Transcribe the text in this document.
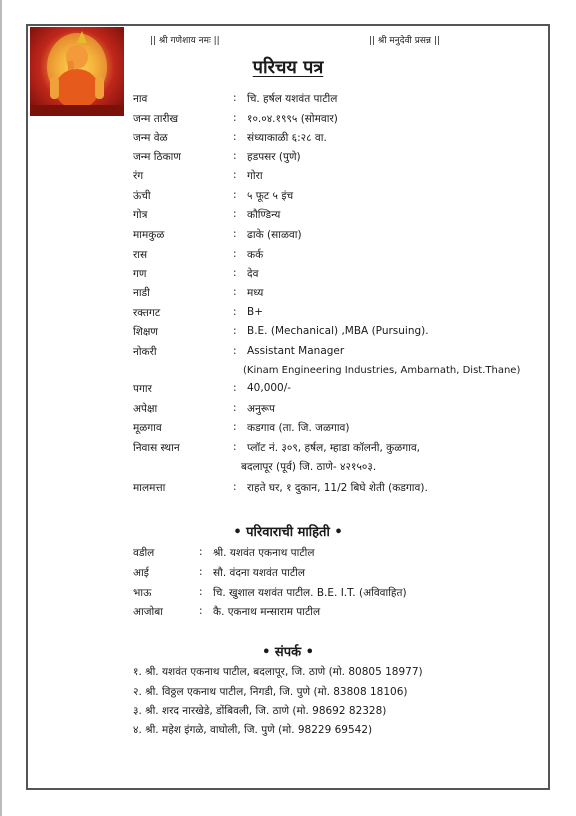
|| श्री गणेशाय नमः ||	|| श्री मनुदेवी प्रसन्न ||
परिचय पत्र
नाव	: चि. हर्षल यशवंत पाटील
जन्म तारीख	: १०.०४.१९९५ (सोमवार)
जन्म वेळ	: संध्याकाळी ६:२८ वा.
जन्म ठिकाण	: हडपसर (पुणे)
रंग	: गोरा
ऊंची	: ५ फूट ५ इंच
गोत्र	: कौण्डिन्य
मामकुळ	: ढाके (साळवा)
रास	: कर्क
गण	: देव
नाडी	: मध्य
रक्तगट	: B+
शिक्षण	: B.E. (Mechanical) ,MBA (Pursuing).
नोकरी	: Assistant Manager
(Kinam Engineering Industries, Ambarnath, Dist.Thane)
पगार	: 40,000/-
अपेक्षा	: अनुरूप
मूळगाव	: कडगाव (ता. जि. जळगाव)
निवास स्थान	: प्लॉट नं. ३०९, हर्षल, म्हाडा कॉलनी, कुळगाव,
बदलापूर (पूर्व) जि. ठाणे- ४२१५०३.
मालमत्ता	: राहते घर, १ दुकान, 11/2 बिघे शेती (कडगाव).
• परिवाराची माहिती •
वडील	: श्री. यशवंत एकनाथ पाटील
आई	: सौ. वंदना यशवंत पाटील
भाऊ	: चि. खुशाल यशवंत पाटील. B.E. I.T. (अविवाहित)
आजोबा	: कै. एकनाथ मन्साराम पाटील
• संपर्क •
१. श्री. यशवंत एकनाथ पाटील, बदलापूर, जि. ठाणे (मो. 80805 18977)
२. श्री. विठ्ठल एकनाथ पाटील, निगडी, जि. पुणे (मो. 83808 18106)
३. श्री. शरद नारखेडे, डोंबिवली, जि. ठाणे (मो. 98692 82328)
४. श्री. महेश इंगळे, वाघोली, जि. पुणे (मो. 98229 69542)
